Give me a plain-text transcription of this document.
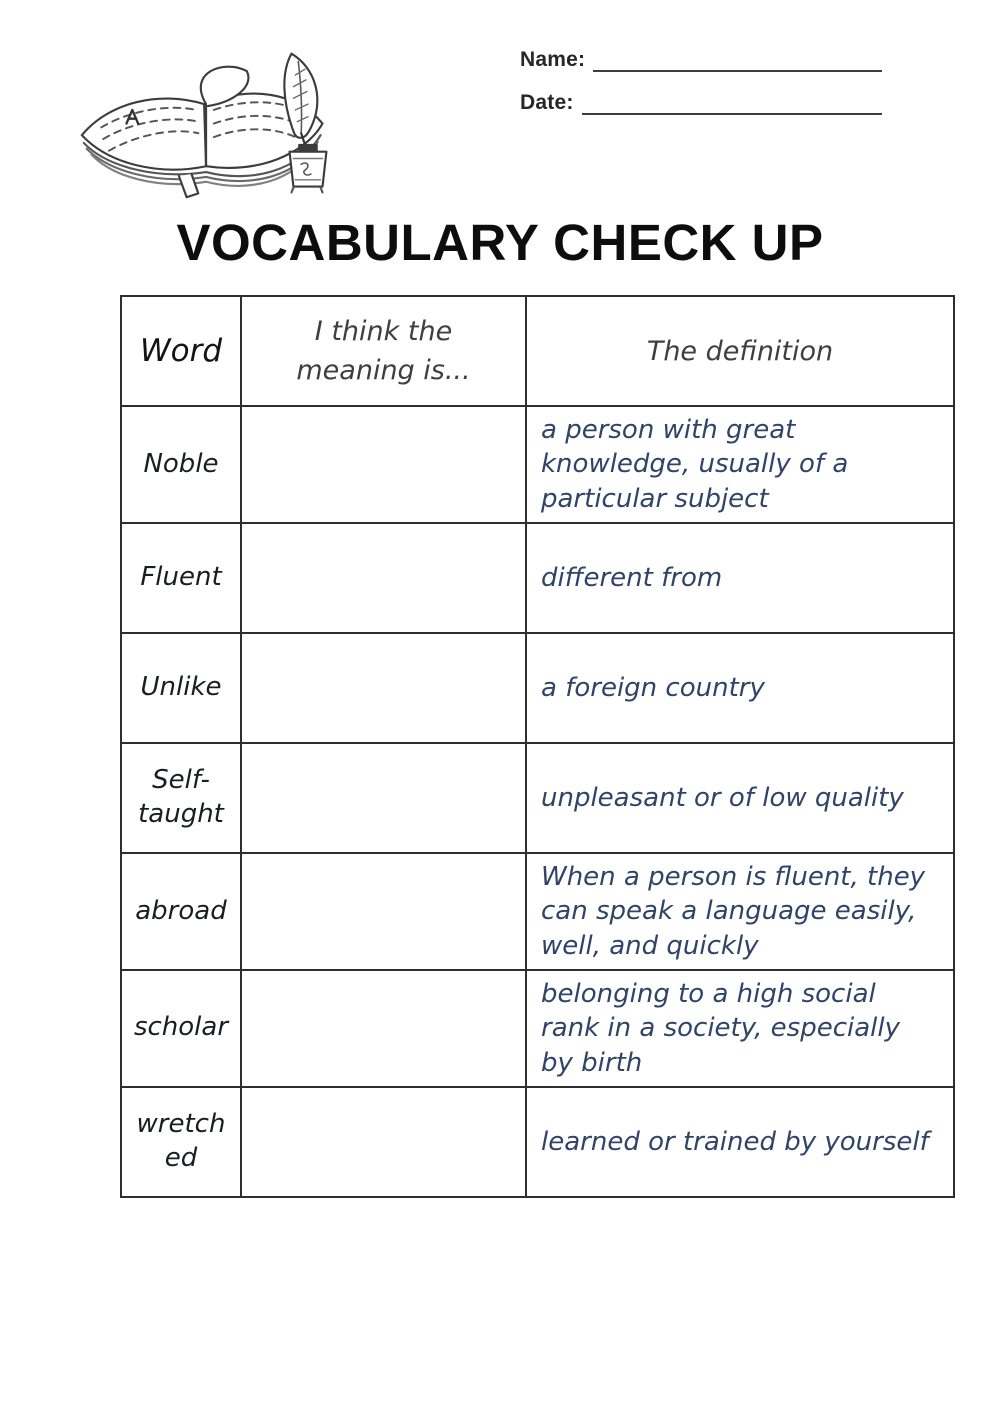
Name:
Date:
VOCABULARY CHECK UP
Word	I think the meaning is...	The definition
Noble		a person with great knowledge, usually of a particular subject
Fluent		different from
Unlike		a foreign country
Self-taught		unpleasant or of low quality
abroad		When a person is fluent, they can speak a language easily, well, and quickly
scholar		belonging to a high social rank in a society, especially by birth
wretched		learned or trained by yourself
